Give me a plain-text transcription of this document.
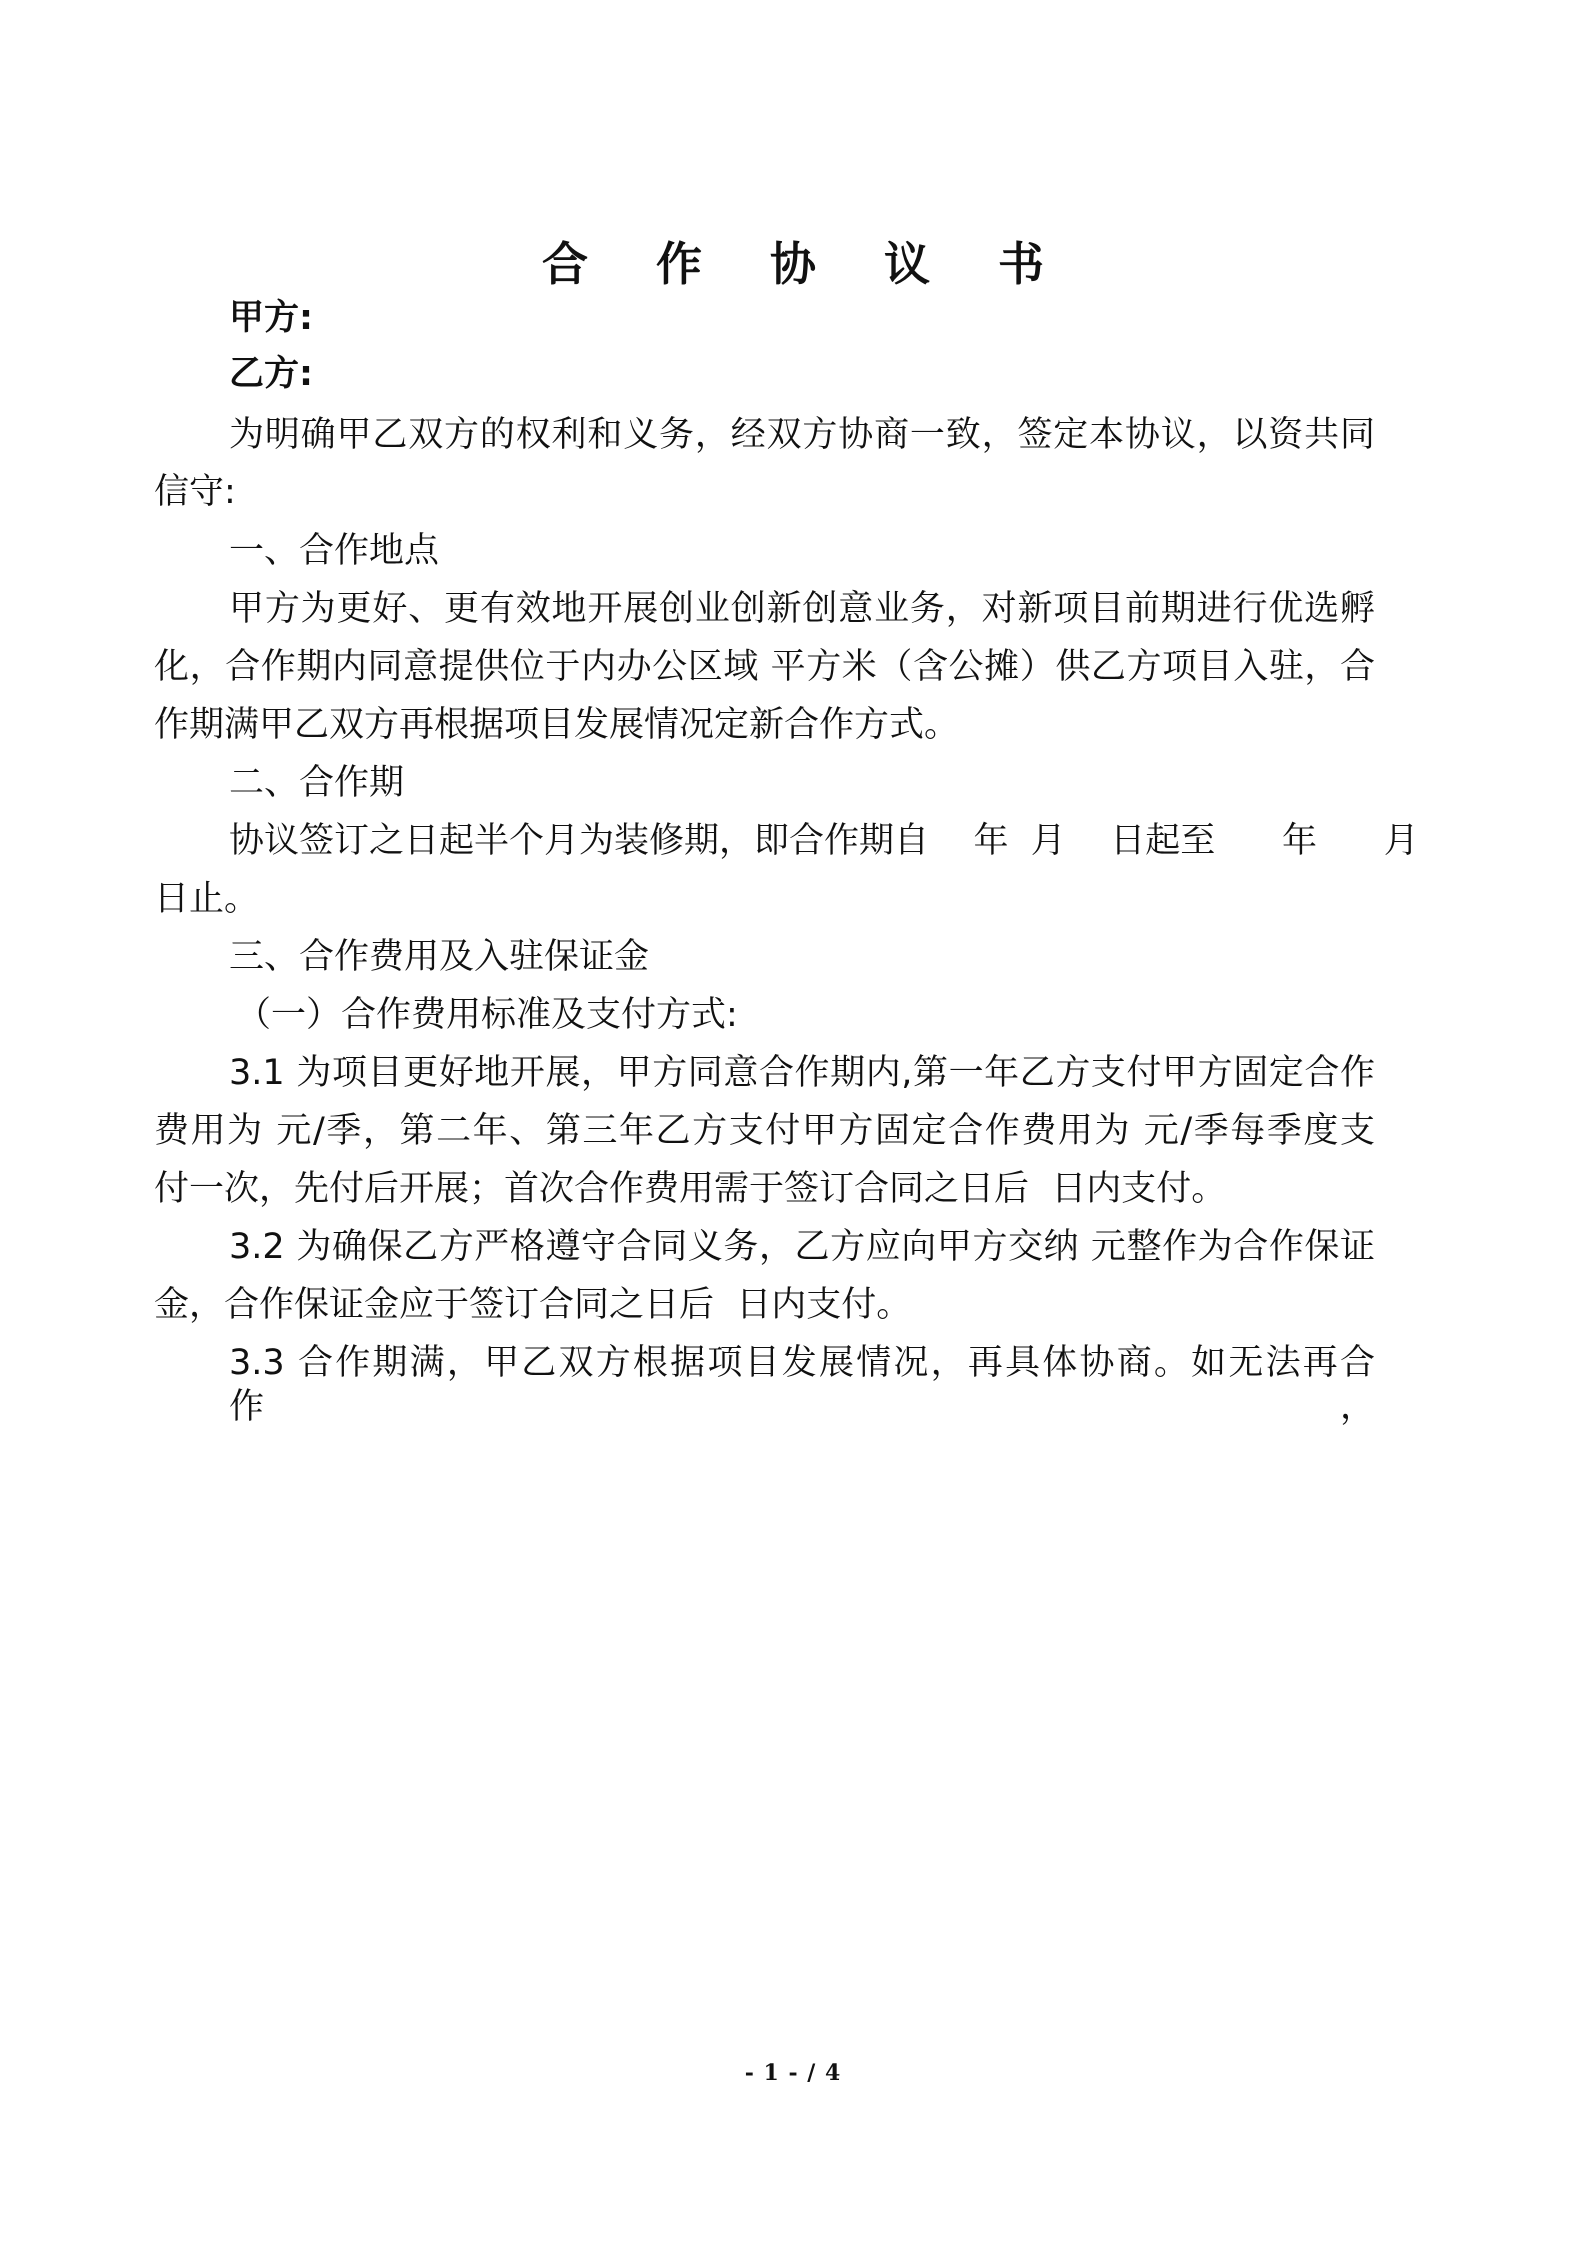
合 作 协 议 书
甲方:
乙方:
为明确甲乙双方的权利和义务，经双方协商一致，签定本协议，以资共同
信守:
一、合作地点
甲方为更好、更有效地开展创业创新创意业务，对新项目前期进行优选孵
化，合作期内同意提供位于内办公区域 平方米（含公摊）供乙方项目入驻，合
作期满甲乙双方再根据项目发展情况定新合作方式。
二、合作期
协议签订之日起半个月为装修期，即合作期自    年  月    日起至      年      月
日止。
三、合作费用及入驻保证金
（一）合作费用标准及支付方式:
3.1 为项目更好地开展，甲方同意合作期内,第一年乙方支付甲方固定合作
费用为 元/季，第二年、第三年乙方支付甲方固定合作费用为 元/季每季度支
付一次，先付后开展；首次合作费用需于签订合同之日后  日内支付。
3.2 为确保乙方严格遵守合同义务，乙方应向甲方交纳 元整作为合作保证
金，合作保证金应于签订合同之日后  日内支付。
3.3 合作期满，甲乙双方根据项目发展情况，再具体协商。如无法再合作，
- 1 - / 4
